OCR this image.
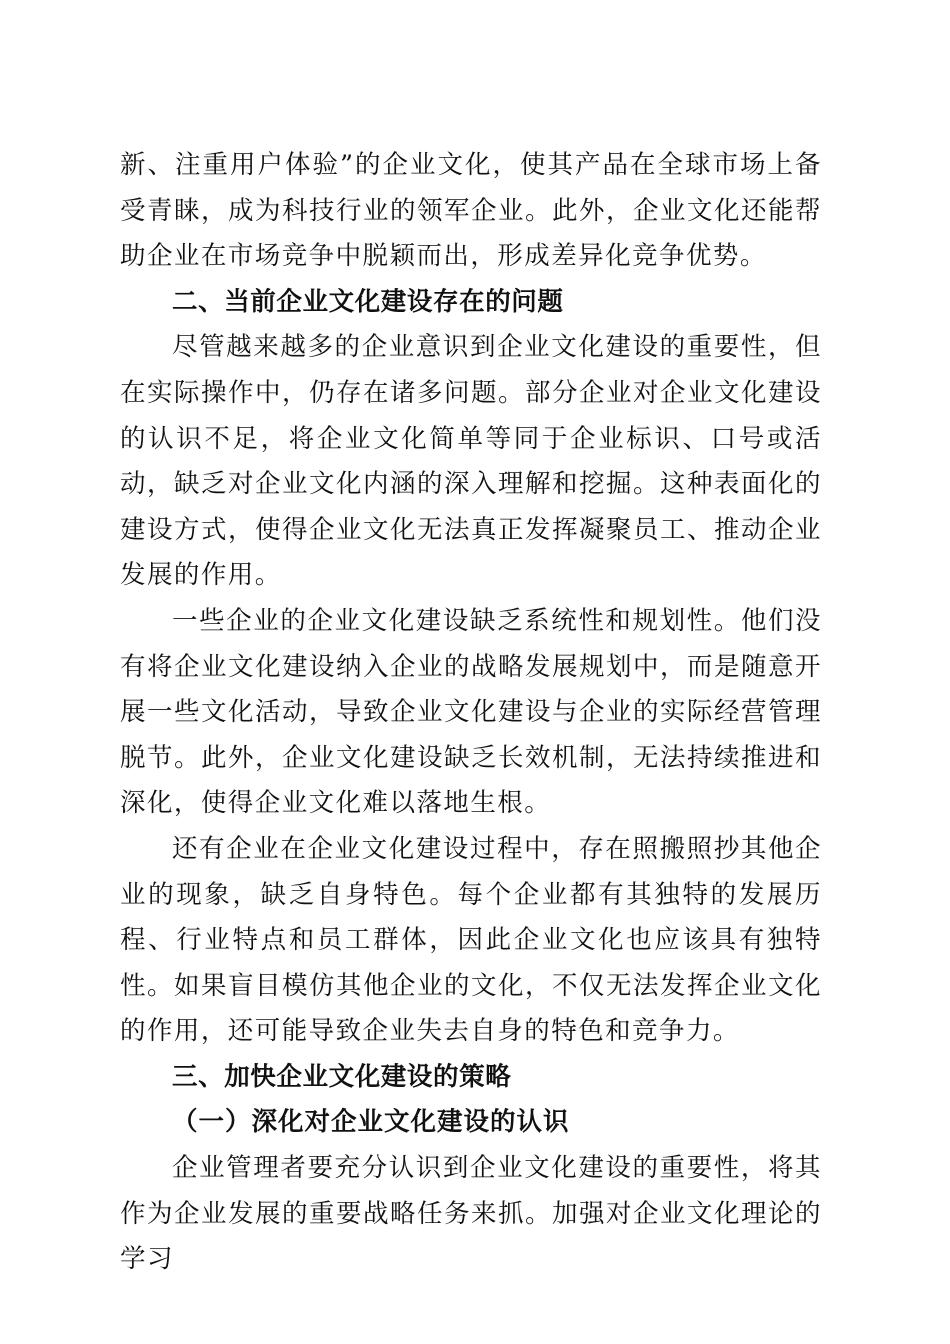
新、注重用户体验”的企业文化，使其产品在全球市场上备受青睐，成为科技行业的领军企业。此外，企业文化还能帮助企业在市场竞争中脱颖而出，形成差异化竞争优势。

二、当前企业文化建设存在的问题

尽管越来越多的企业意识到企业文化建设的重要性，但在实际操作中，仍存在诸多问题。部分企业对企业文化建设的认识不足，将企业文化简单等同于企业标识、口号或活动，缺乏对企业文化内涵的深入理解和挖掘。这种表面化的建设方式，使得企业文化无法真正发挥凝聚员工、推动企业发展的作用。

一些企业的企业文化建设缺乏系统性和规划性。他们没有将企业文化建设纳入企业的战略发展规划中，而是随意开展一些文化活动，导致企业文化建设与企业的实际经营管理脱节。此外，企业文化建设缺乏长效机制，无法持续推进和深化，使得企业文化难以落地生根。

还有企业在企业文化建设过程中，存在照搬照抄其他企业的现象，缺乏自身特色。每个企业都有其独特的发展历程、行业特点和员工群体，因此企业文化也应该具有独特性。如果盲目模仿其他企业的文化，不仅无法发挥企业文化的作用，还可能导致企业失去自身的特色和竞争力。

三、加快企业文化建设的策略
（一）深化对企业文化建设的认识

企业管理者要充分认识到企业文化建设的重要性，将其作为企业发展的重要战略任务来抓。加强对企业文化理论的学习
